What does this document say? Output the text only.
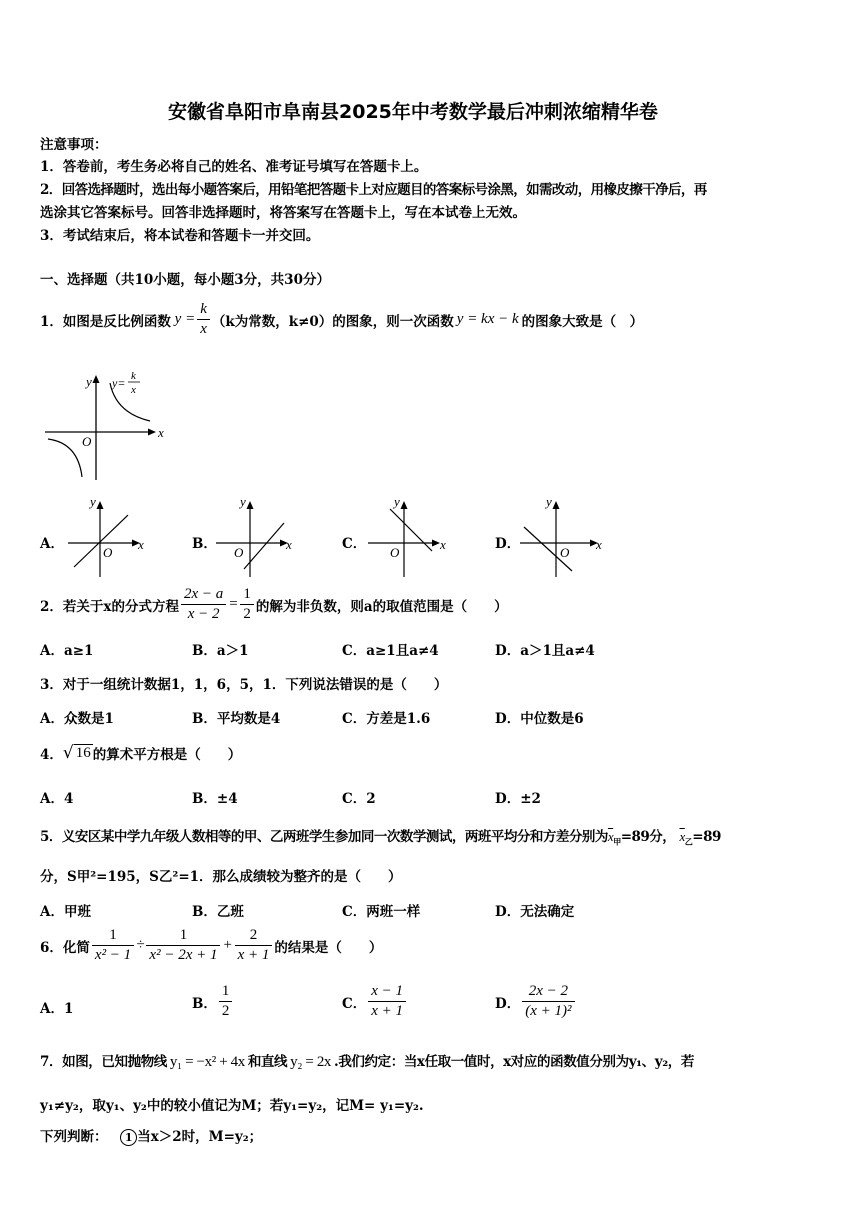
安徽省阜阳市阜南县2025年中考数学最后冲刺浓缩精华卷
注意事项：
1．答卷前，考生务必将自己的姓名、准考证号填写在答题卡上。
2．回答选择题时，选出每小题答案后，用铅笔把答题卡上对应题目的答案标号涂黑，如需改动，用橡皮擦干净后，再
选涂其它答案标号。回答非选择题时，将答案写在答题卡上，写在本试卷上无效。
3．考试结束后，将本试卷和答题卡一并交回。
一、选择题（共10小题，每小题3分，共30分）
1．如图是反比例函数 $y = \frac{k}{x} (k$为常数，k≠0）的图象，则一次函数 y = kx − k 的图象大致是（　）
y
x
O
y= k
x
A．
y
x
O
B．
y
x
O
C．
y
x
O
D．
y
x
O
2．若关于x的分式方程 $\frac{2x - a}{x - 2} = \frac{1}{2}$ 的解为非负数，则a的取值范围是（　　）
A．a≥1	B．a＞1	C．a≥1且a≠4	D．a＞1且a≠4
3．对于一组统计数据1，1，6，5，1．下列说法错误的是（　　）
A．众数是1	B．平均数是4	C．方差是1.6	D．中位数是6
4． √ 16 的算术平方根是（　　）
A．4	B．±4	C．2	D．±2
5．义安区某中学九年级人数相等的甲、乙两班学生参加同一次数学测试，两班平均分和方差分别为$\overline{x}_甲=89$分， $\overline{x}_乙=89$
分，S甲²=195，S乙²=1．那么成绩较为整齐的是（　　）
A．甲班	B．乙班	C．两班一样	D．无法确定
6．化简 $\frac{1}{\text{x² − 1}} \div \frac{1}{\text{x² − 2x + 1}} + \frac{2}{x + 1}$ 的结果是（　　）
A．1	B． $\frac{1}{2}$	C． $\frac{x - 1}{x + 1}$	D． $\frac{2x - 2}{\text{(x + 1)²}}$
7．如图，已知抛物线 y₁ = −x² + 4x 和直线 y₂ = 2x .我们约定：当x任取一值时，x对应的函数值分别为y₁、y₂，若
y₁≠y₂，取y₁、y₂中的较小值记为M；若y₁=y₂，记M= y₁=y₂.
下列判断： 1 当x＞2时，M=y₂；
